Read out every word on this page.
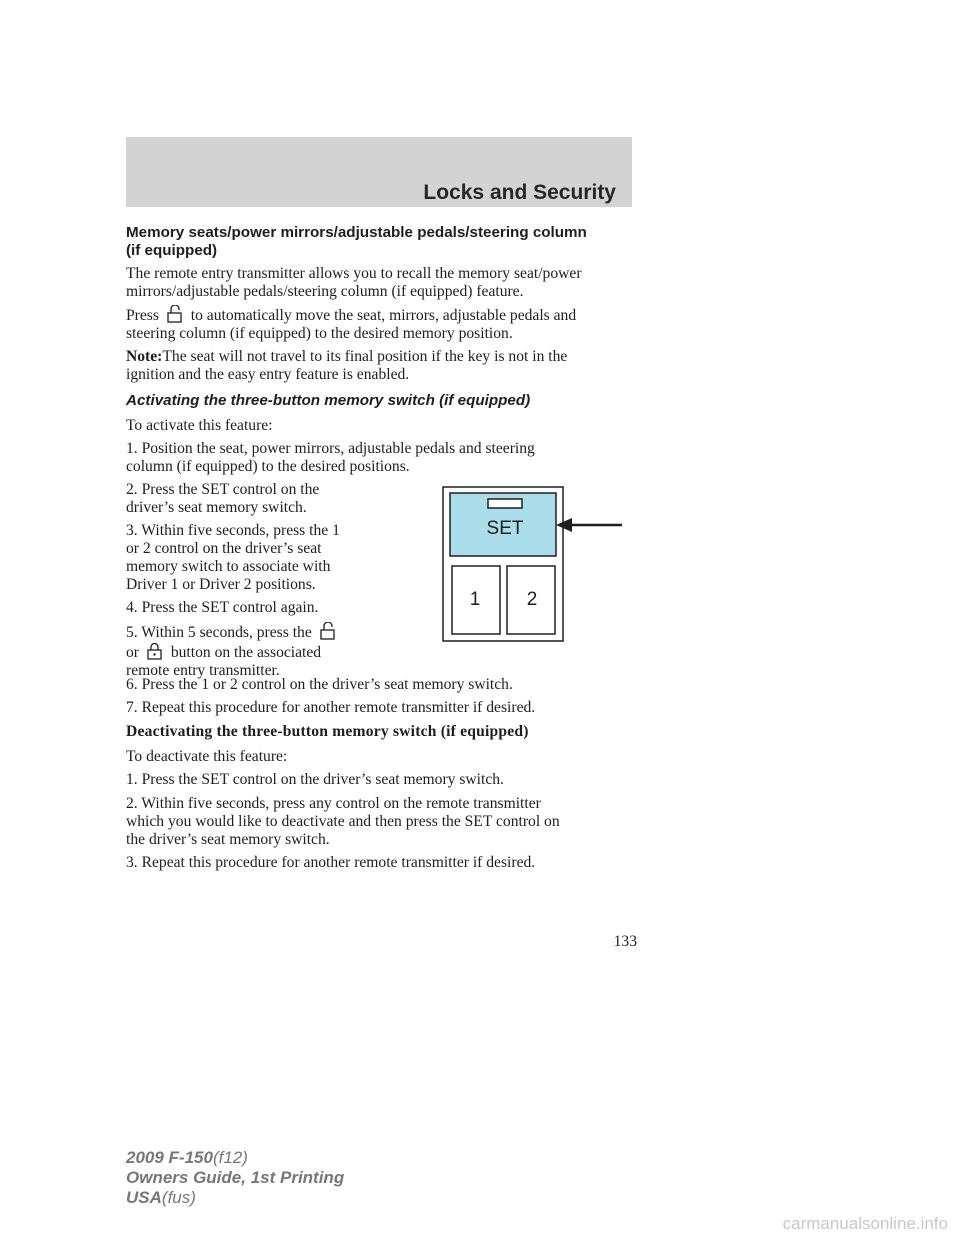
Locks and Security

Memory seats/power mirrors/adjustable pedals/steering column
(if equipped)

The remote entry transmitter allows you to recall the memory seat/power
mirrors/adjustable pedals/steering column (if equipped) feature.

Press to automatically move the seat, mirrors, adjustable pedals and
steering column (if equipped) to the desired memory position.

Note:The seat will not travel to its final position if the key is not in the
ignition and the easy entry feature is enabled.

Activating the three-button memory switch (if equipped)

To activate this feature:

1. Position the seat, power mirrors, adjustable pedals and steering
column (if equipped) to the desired positions.

2. Press the SET control on the
driver’s seat memory switch.

3. Within five seconds, press the 1
or 2 control on the driver’s seat
memory switch to associate with
Driver 1 or Driver 2 positions.

4. Press the SET control again.

5. Within 5 seconds, press the
or button on the associated
remote entry transmitter.

6. Press the 1 or 2 control on the driver’s seat memory switch.

7. Repeat this procedure for another remote transmitter if desired.

Deactivating the three-button memory switch (if equipped)

To deactivate this feature:

1. Press the SET control on the driver’s seat memory switch.

2. Within five seconds, press any control on the remote transmitter
which you would like to deactivate and then press the SET control on
the driver’s seat memory switch.

3. Repeat this procedure for another remote transmitter if desired.

SET
1 2
133
2009 F-150(f12)
Owners Guide, 1st Printing
USA(fus)
carmanualsonline.info
